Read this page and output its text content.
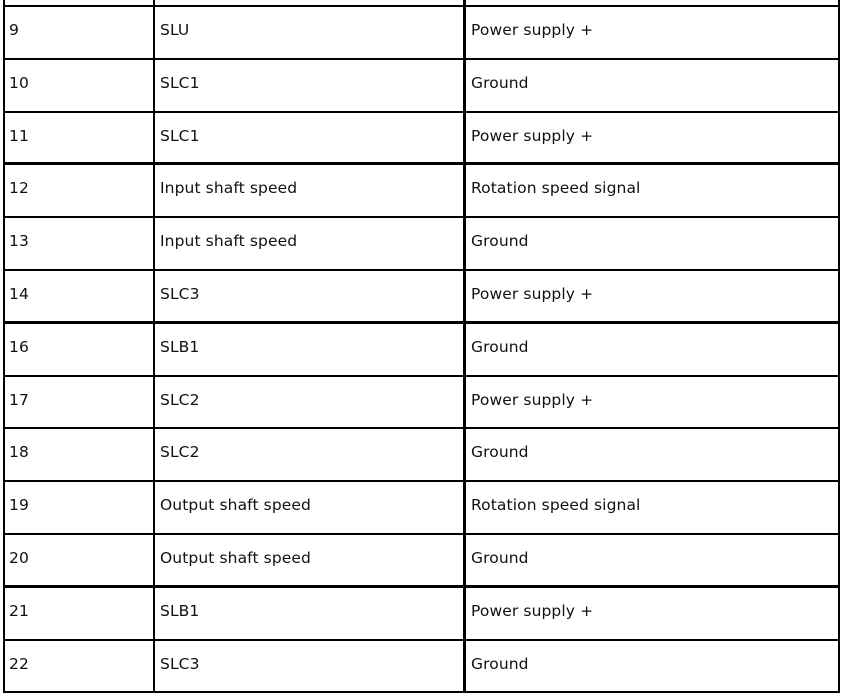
9	SLU	Power supply +
10	SLC1	Ground
11	SLC1	Power supply +
12	Input shaft speed	Rotation speed signal
13	Input shaft speed	Ground
14	SLC3	Power supply +
16	SLB1	Ground
17	SLC2	Power supply +
18	SLC2	Ground
19	Output shaft speed	Rotation speed signal
20	Output shaft speed	Ground
21	SLB1	Power supply +
22	SLC3	Ground
